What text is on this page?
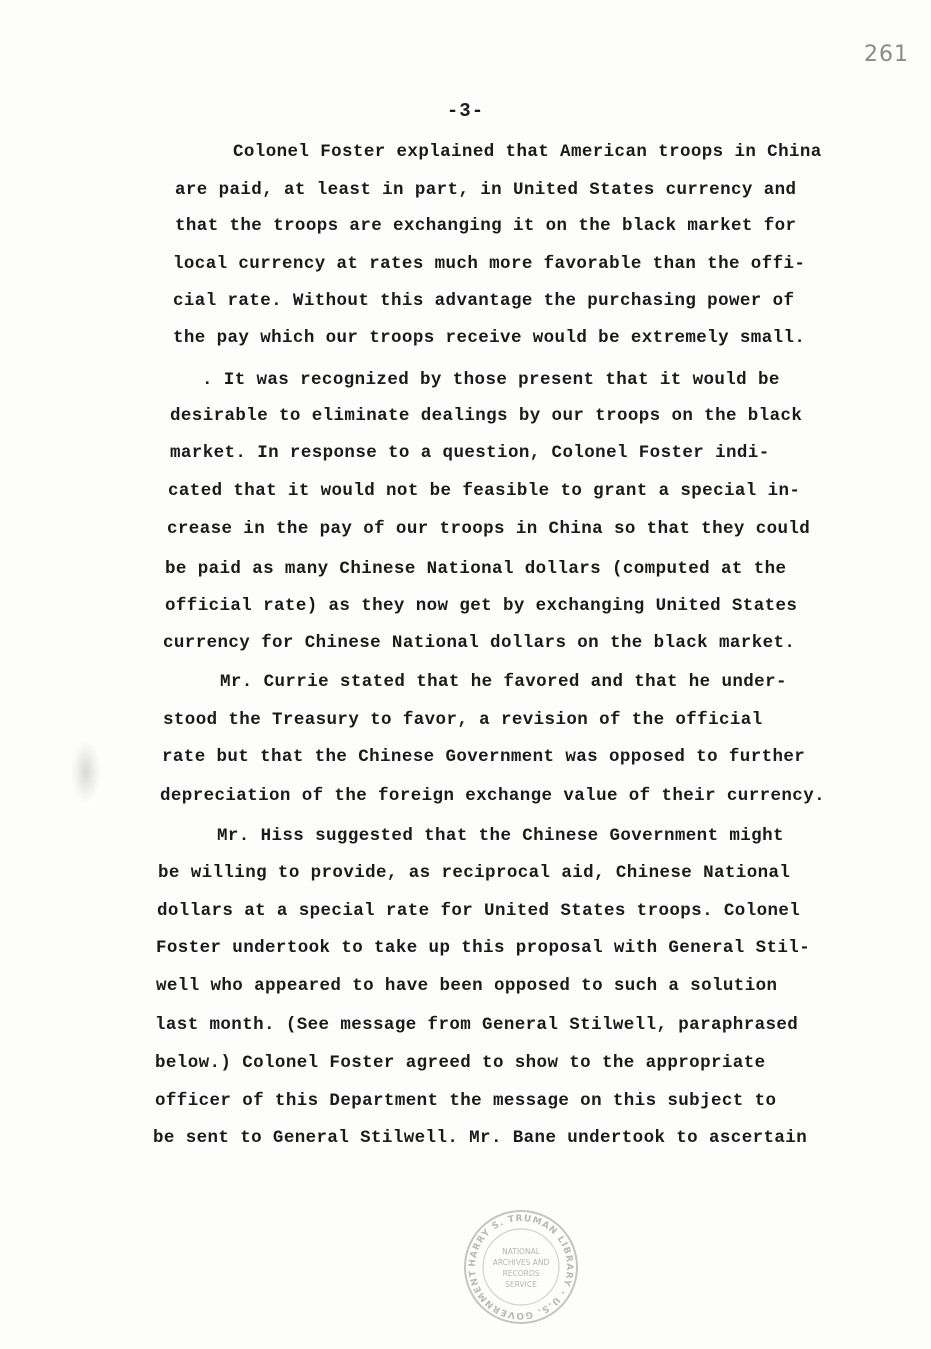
261
-3-
Colonel Foster explained that American troops in China
are paid, at least in part, in United States currency and
that the troops are exchanging it on the black market for
local currency at rates much more favorable than the offi-
cial rate. Without this advantage the purchasing power of
the pay which our troops receive would be extremely small.
. It was recognized by those present that it would be
desirable to eliminate dealings by our troops on the black
market. In response to a question, Colonel Foster indi-
cated that it would not be feasible to grant a special in-
crease in the pay of our troops in China so that they could
be paid as many Chinese National dollars (computed at the
official rate) as they now get by exchanging United States
currency for Chinese National dollars on the black market.
Mr. Currie stated that he favored and that he under-
stood the Treasury to favor, a revision of the official
rate but that the Chinese Government was opposed to further
depreciation of the foreign exchange value of their currency.
Mr. Hiss suggested that the Chinese Government might
be willing to provide, as reciprocal aid, Chinese National
dollars at a special rate for United States troops. Colonel
Foster undertook to take up this proposal with General Stil-
well who appeared to have been opposed to such a solution
last month. (See message from General Stilwell, paraphrased
below.) Colonel Foster agreed to show to the appropriate
officer of this Department the message on this subject to
be sent to General Stilwell. Mr. Bane undertook to ascertain
HARRY S. TRUMAN LIBRARY · U.S. GOVERNMENT
NATIONAL
ARCHIVES AND
RECORDS
SERVICE
